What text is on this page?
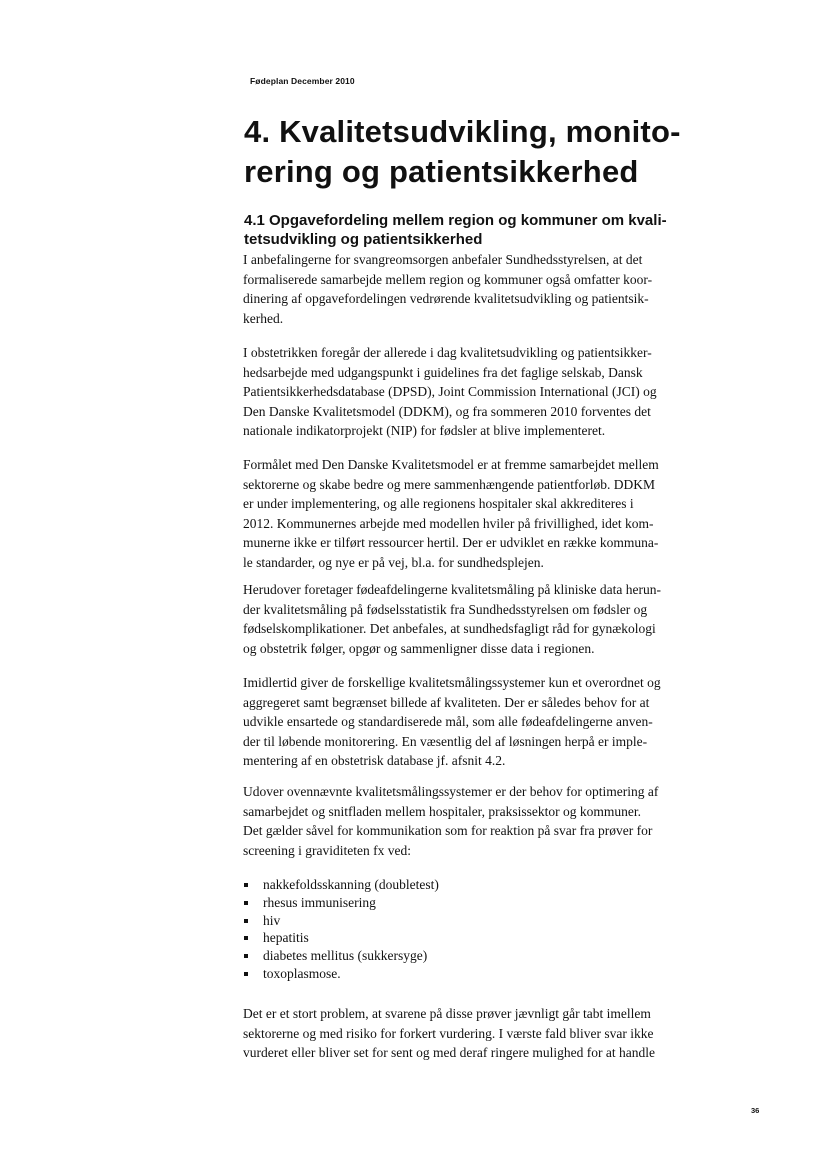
Fødeplan December 2010
4. Kvalitetsudvikling, monito-
rering og patientsikkerhed
4.1 Opgavefordeling mellem region og kommuner om kvali-
tetsudvikling og patientsikkerhed

I anbefalingerne for svangreomsorgen anbefaler Sundhedsstyrelsen, at det
formaliserede samarbejde mellem region og kommuner også omfatter koor-
dinering af opgavefordelingen vedrørende kvalitetsudvikling og patientsik-
kerhed.

I obstetrikken foregår der allerede i dag kvalitetsudvikling og patientsikker-
hedsarbejde med udgangspunkt i guidelines fra det faglige selskab, Dansk
Patientsikkerhedsdatabase (DPSD), Joint Commission International (JCI) og
Den Danske Kvalitetsmodel (DDKM), og fra sommeren 2010 forventes det
nationale indikatorprojekt (NIP) for fødsler at blive implementeret.

Formålet med Den Danske Kvalitetsmodel er at fremme samarbejdet mellem
sektorerne og skabe bedre og mere sammenhængende patientforløb. DDKM
er under implementering, og alle regionens hospitaler skal akkrediteres i
2012. Kommunernes arbejde med modellen hviler på frivillighed, idet kom-
munerne ikke er tilført ressourcer hertil. Der er udviklet en række kommuna-
le standarder, og nye er på vej, bl.a. for sundhedsplejen.

Herudover foretager fødeafdelingerne kvalitetsmåling på kliniske data herun-
der kvalitetsmåling på fødselsstatistik fra Sundhedsstyrelsen om fødsler og
fødselskomplikationer. Det anbefales, at sundhedsfagligt råd for gynækologi
og obstetrik følger, opgør og sammenligner disse data i regionen.

Imidlertid giver de forskellige kvalitetsmålingssystemer kun et overordnet og
aggregeret samt begrænset billede af kvaliteten. Der er således behov for at
udvikle ensartede og standardiserede mål, som alle fødeafdelingerne anven-
der til løbende monitorering. En væsentlig del af løsningen herpå er imple-
mentering af en obstetrisk database jf. afsnit 4.2.

Udover ovennævnte kvalitetsmålingssystemer er der behov for optimering af
samarbejdet og snitfladen mellem hospitaler, praksissektor og kommuner.
Det gælder såvel for kommunikation som for reaktion på svar fra prøver for
screening i graviditeten fx ved:

nakkefoldsskanning (doubletest)
rhesus immunisering
hiv
hepatitis
diabetes mellitus (sukkersyge)
toxoplasmose.

Det er et stort problem, at svarene på disse prøver jævnligt går tabt imellem
sektorerne og med risiko for forkert vurdering. I værste fald bliver svar ikke
vurderet eller bliver set for sent og med deraf ringere mulighed for at handle

36
